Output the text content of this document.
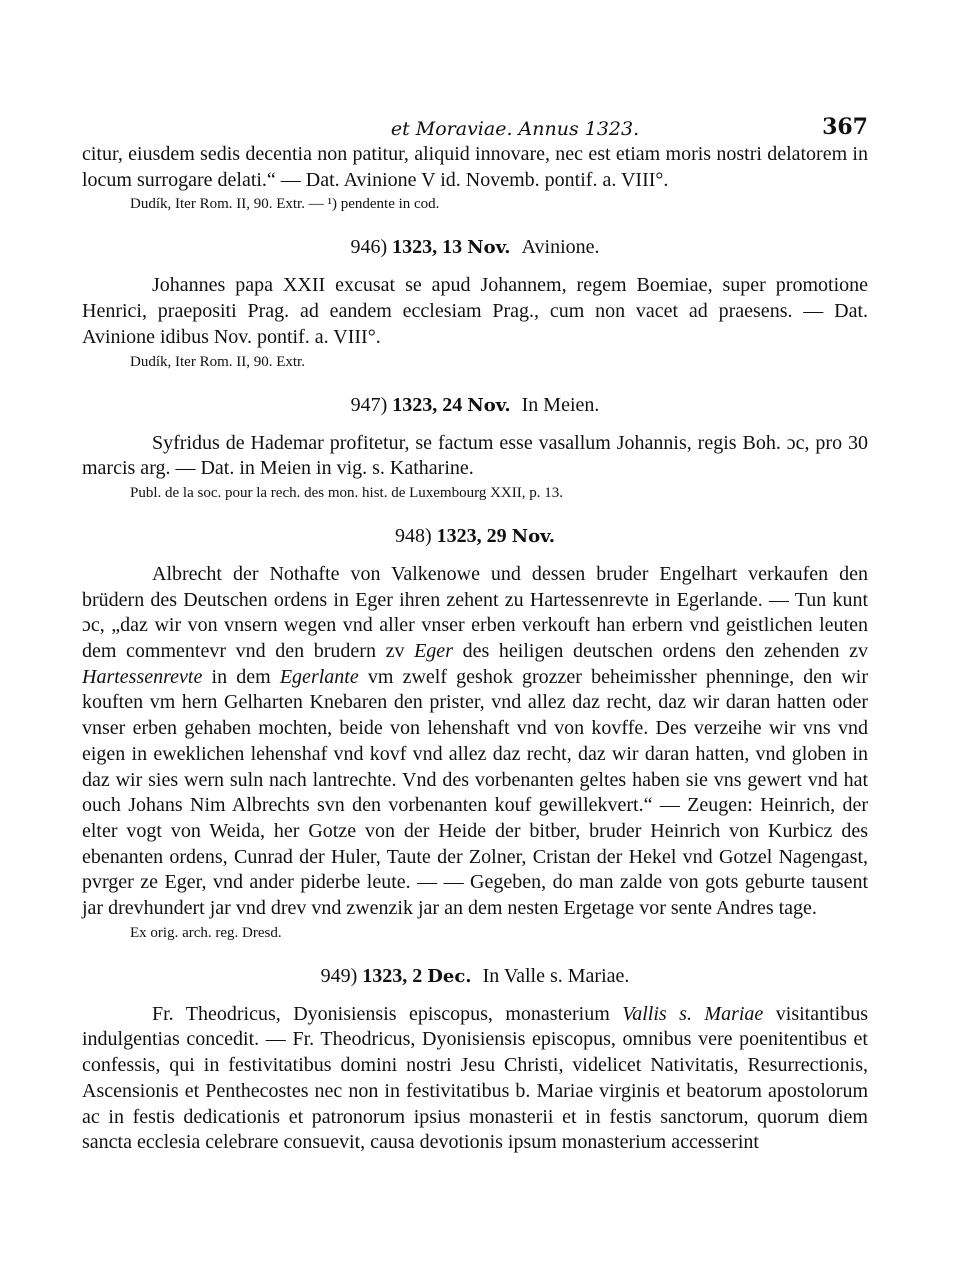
et Moraviae. Annus 1323.	367

citur, eiusdem sedis decentia non patitur, aliquid innovare, nec est etiam moris nostri delatorem in locum surrogare delati.“ — Dat. Avinione V id. Novemb. pontif. a. VIII°.

Dudík, Iter Rom. II, 90. Extr. — ¹) pendente in cod.

946) 1323, 13 Nov. Avinione.

Johannes papa XXII excusat se apud Johannem, regem Boemiae, super promotione Henrici, praepositi Prag. ad eandem ecclesiam Prag., cum non vacet ad praesens. — Dat. Avinione idibus Nov. pontif. a. VIII°.

Dudík, Iter Rom. II, 90. Extr.

947) 1323, 24 Nov. In Meien.

Syfridus de Hademar profitetur, se factum esse vasallum Johannis, regis Boh. ɔc, pro 30 marcis arg. — Dat. in Meien in vig. s. Katharine.

Publ. de la soc. pour la rech. des mon. hist. de Luxembourg XXII, p. 13.

948) 1323, 29 Nov.

Albrecht der Nothafte von Valkenowe und dessen bruder Engelhart verkaufen den brüdern des Deutschen ordens in Eger ihren zehent zu Hartessenrevte in Egerlande. — Tun kunt ɔc, „daz wir von vnsern wegen vnd aller vnser erben verkouft han erbern vnd geistlichen leuten dem commentevr vnd den brudern zv Eger des heiligen deutschen ordens den zehenden zv Hartessenrevte in dem Egerlante vm zwelf geshok grozzer beheimissher phenninge, den wir kouften vm hern Gelharten Knebaren den prister, vnd allez daz recht, daz wir daran hatten oder vnser erben gehaben mochten, beide von lehenshaft vnd von kovffe. Des verzeihe wir vns vnd eigen in eweklichen lehenshaf vnd kovf vnd allez daz recht, daz wir daran hatten, vnd globen in daz wir sies wern suln nach lantrechte. Vnd des vorbenanten geltes haben sie vns gewert vnd hat ouch Johans Nim Albrechts svn den vorbenanten kouf gewillekvert.“ — Zeugen: Heinrich, der elter vogt von Weida, her Gotze von der Heide der bitber, bruder Heinrich von Kurbicz des ebenanten ordens, Cunrad der Huler, Taute der Zolner, Cristan der Hekel vnd Gotzel Nagengast, pvrger ze Eger, vnd ander piderbe leute. — — Gegeben, do man zalde von gots geburte tausent jar drevhundert jar vnd drev vnd zwenzik jar an dem nesten Ergetage vor sente Andres tage.

Ex orig. arch. reg. Dresd.

949) 1323, 2 Dec. In Valle s. Mariae.

Fr. Theodricus, Dyonisiensis episcopus, monasterium Vallis s. Mariae visitantibus indulgentias concedit. — Fr. Theodricus, Dyonisiensis episcopus, omnibus vere poenitentibus et confessis, qui in festivitatibus domini nostri Jesu Christi, videlicet Nativitatis, Resurrectionis, Ascensionis et Penthecostes nec non in festivitatibus b. Mariae virginis et beatorum apostolorum ac in festis dedicationis et patronorum ipsius monasterii et in festis sanctorum, quorum diem sancta ecclesia celebrare consuevit, causa devotionis ipsum monasterium accesserint
